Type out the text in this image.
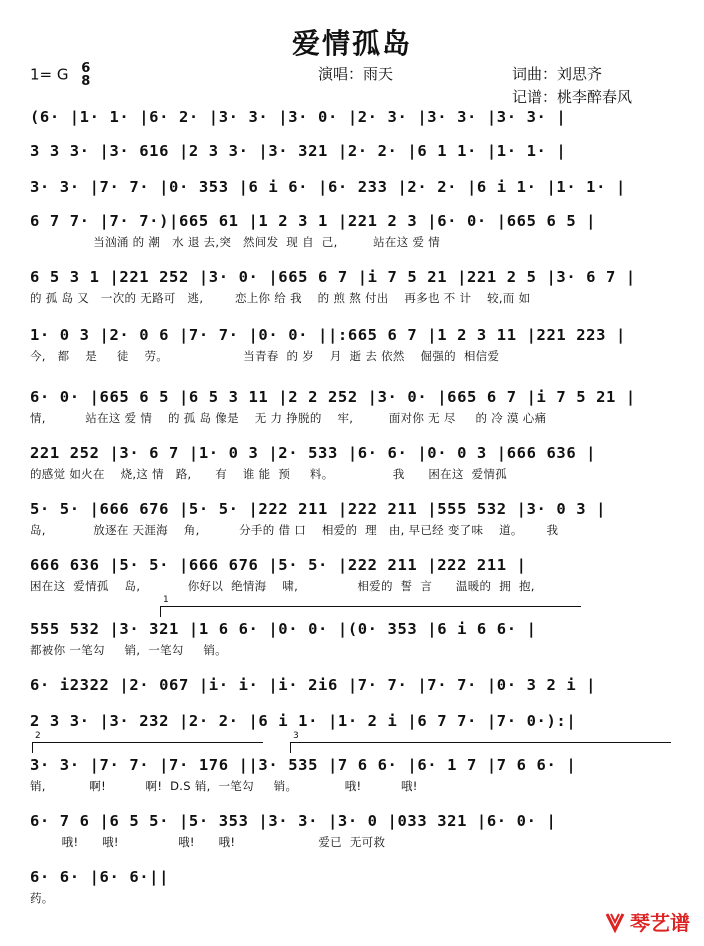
爱情孤岛
1= G 6
8	演唱：雨天	词曲：刘思齐
记谱：桃李醉春风
(6· |1· 1· |6· 2· |3· 3· |3· 0· |2· 3· |3· 3· |3· 3· |
3 3 3· |3· 616 |2 3 3· |3· 321 |2· 2· |6 1 1· |1· 1· |
3· 3· |7· 7· |0· 353 |6 i 6· |6· 233 |2· 2· |6 i 1· |1· 1· |
6 7 7· |7· 7·)|665 61 |1 2 3 1 |221 2 3 |6· 0· |665 6 5 |
当汹涌 的 潮   水 退 去,突   然间发  现 自  己,         站在这 爱 情
6 5 3 1 |221 252 |3· 0· |665 6 7 |i 7 5 21 |221 2 5 |3· 6 7 |
的 孤 岛 又   一次的 无路可   逃,        恋上你 给 我    的 煎 熬 付出    再多也 不 计    较,而 如
1· 0 3 |2· 0 6 |7· 7· |0· 0· ||:665 6 7 |1 2 3 11 |221 223 |
今,   都    是     徒    劳。                   当青春  的 岁    月  逝 去 依然    倔强的  相信爱
6· 0· |665 6 5 |6 5 3 11 |2 2 252 |3· 0· |665 6 7 |i 7 5 21 |
情,          站在这 爱 情    的 孤 岛 像是    无 力 挣脱的    牢,         面对你 无 尽     的 冷 漠 心痛
221 252 |3· 6 7 |1· 0 3 |2· 533 |6· 6· |0· 0 3 |666 636 |
的感觉 如火在    烧,这 情   路,      有    谁 能  预     料。               我      困在这  爱情孤
5· 5· |666 676 |5· 5· |222 211 |222 211 |555 532 |3· 0 3 |
岛,            放逐在 天涯海    角,          分手的 借 口    相爱的  理   由, 早已经 变了味    道。      我
666 636 |5· 5· |666 676 |5· 5· |222 211 |222 211 |
困在这  爱情孤    岛,            你好以  绝情海    啸,               相爱的  誓  言      温暖的  拥  抱,
555 532 |3· 321 |1 6 6· |0· 0· |(0· 353 |6 i 6 6· |
都被你 一笔勾     销,  一笔勾     销。
6· i2322 |2· 067 |i· i· |i· 2i6 |7· 7· |7· 7· |0· 3 2 i |
2 3 3· |3· 232 |2· 2· |6 i 1· |1· 2 i |6 7 7· |7· 0·):|
3· 3· |7· 7· |7· 176 ||3· 535 |7 6 6· |6· 1 7 |7 6 6· |
销,           啊!          啊!  D.S 销,  一笔勾     销。            哦!          哦!
6· 7 6 |6 5 5· |5· 353 |3· 3· |3· 0 |033 321 |6· 0· |
哦!      哦!               哦!      哦!                     爱已  无可救
6· 6· |6· 6·||
药。
1
2	3
琴艺谱
